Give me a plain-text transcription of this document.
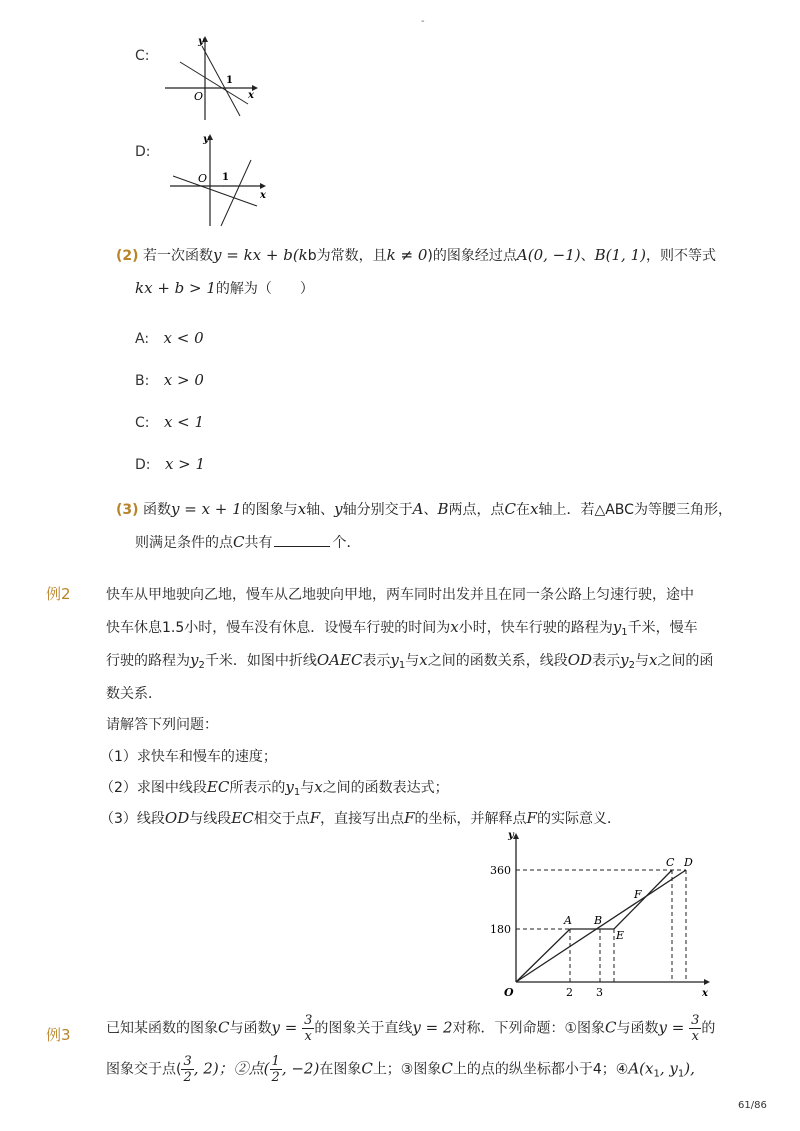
-
C:
y
O
1
x
D:
y
O 1
x
(2) 若一次函数y = kx + b(kb为常数，且k ≠ 0)的图象经过点A(0, −1)、B(1, 1)，则不等式
kx + b > 1的解为（　　）
A: x < 0
B: x > 0
C: x < 1
D: x > 1
(3) 函数y = x + 1的图象与x轴、y轴分别交于A、B两点，点C在x轴上．若△ABC为等腰三角形，
则满足条件的点C共有	个．
例2	快车从甲地驶向乙地，慢车从乙地驶向甲地，两车同时出发并且在同一条公路上匀速行驶，途中
快车休息1.5小时，慢车没有休息．设慢车行驶的时间为x小时，快车行驶的路程为$y_1$千米，慢车
行驶的路程为$y_2$千米．如图中折线OAEC表示$y_1$与x之间的函数关系，线段OD表示$y_2$与x之间的函
数关系．
请解答下列问题：
（1）求快车和慢车的速度；
（2）求图中线段EC所表示的$y_1$与x之间的函数表达式；
（3）线段OD与线段EC相交于点F，直接写出点F的坐标，并解释点F的实际意义．
y
x
O
360
180
2 3
A B
E
F
C D
例3	已知某函数的图象C与函数$y = \frac{3}{x}$ 的图象关于直线y = 2对称．下列命题：①图象C与函数$y = \frac{3}{x}$ 的
图象交于点( $\frac{3}{2}$ , 2)；②点( $\frac{1}{2}$ , −2)在图象C上；③图象C上的点的纵坐标都小于4；$④A(x_1$, $y_1$),
61/86
